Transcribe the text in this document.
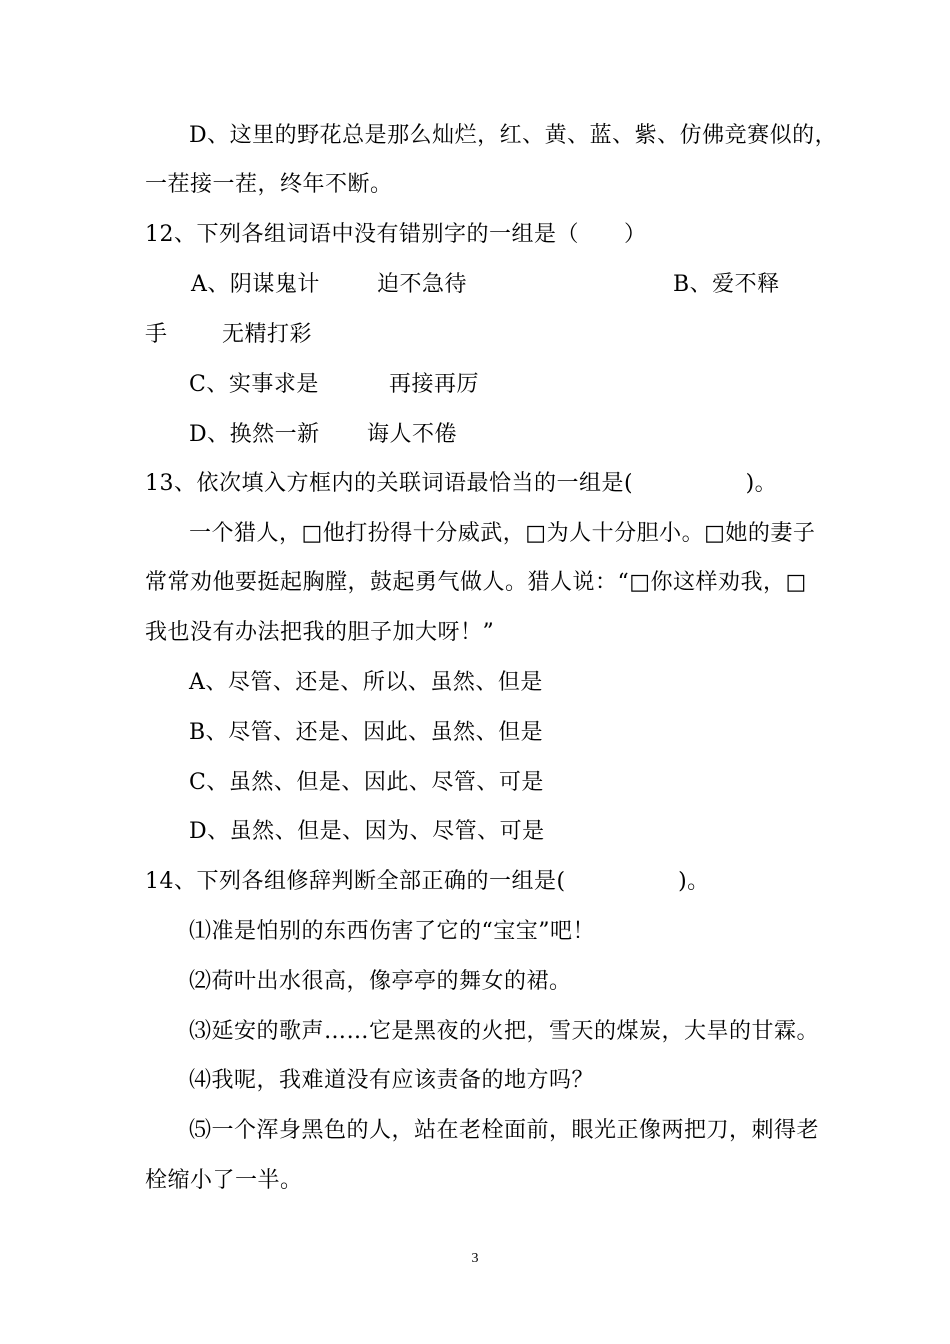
D、这里的野花总是那么灿烂，红、黄、蓝、紫、仿佛竞赛似的，
一茬接一茬，终年不断。
12、下列各组词语中没有错别字的一组是（　　）
A、阴谋鬼计	迫不急待	B、爱不释
手 无精打彩
C、实事求是	再接再厉
D、换然一新 诲人不倦
13、依次填入方框内的关联词语最恰当的一组是(　　　　　)。
一个猎人，□他打扮得十分威武，□为人十分胆小。□她的妻子
常常劝他要挺起胸膛，鼓起勇气做人。猎人说：“□你这样劝我，□
我也没有办法把我的胆子加大呀！”
A、尽管、还是、所以、虽然、但是
B、尽管、还是、因此、虽然、但是
C、虽然、但是、因此、尽管、可是
D、虽然、但是、因为、尽管、可是
14、下列各组修辞判断全部正确的一组是(　　　　　)。
⑴准是怕别的东西伤害了它的“宝宝”吧！
⑵荷叶出水很高，像亭亭的舞女的裙。
⑶延安的歌声……它是黑夜的火把，雪天的煤炭，大旱的甘霖。
⑷我呢，我难道没有应该责备的地方吗？
⑸一个浑身黑色的人，站在老栓面前，眼光正像两把刀，刺得老
栓缩小了一半。
3
